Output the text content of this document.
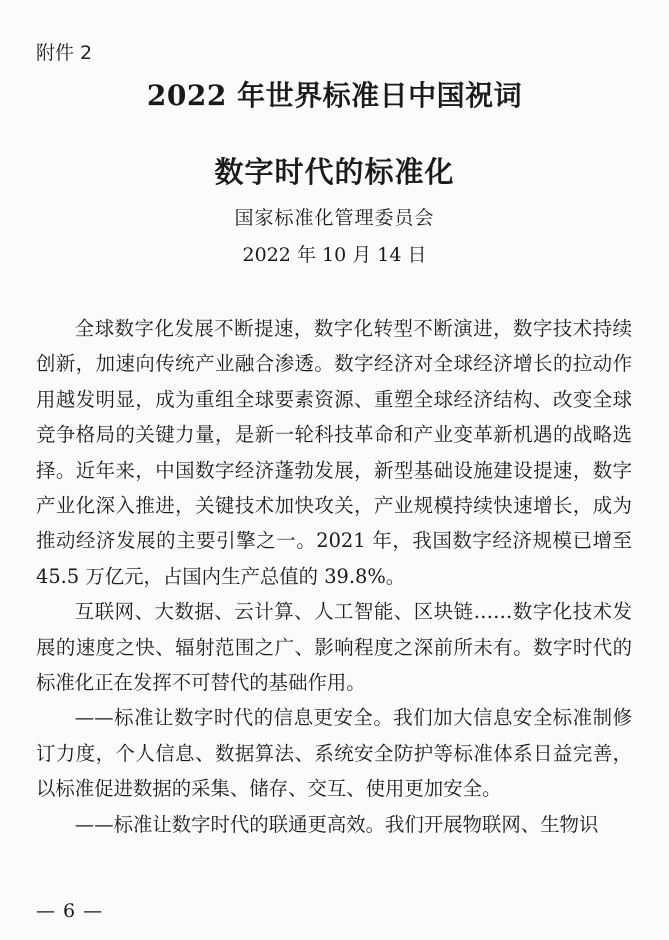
附件 2
2022 年世界标准日中国祝词
数字时代的标准化
国家标准化管理委员会
2022 年 10 月 14 日

全球数字化发展不断提速，数字化转型不断演进，数字技术持续创新，加速向传统产业融合渗透。数字经济对全球经济增长的拉动作用越发明显，成为重组全球要素资源、重塑全球经济结构、改变全球竞争格局的关键力量，是新一轮科技革命和产业变革新机遇的战略选择。近年来，中国数字经济蓬勃发展，新型基础设施建设提速，数字产业化深入推进，关键技术加快攻关，产业规模持续快速增长，成为推动经济发展的主要引擎之一。2021 年，我国数字经济规模已增至 45.5 万亿元，占国内生产总值的 39.8%。

互联网、大数据、云计算、人工智能、区块链……数字化技术发展的速度之快、辐射范围之广、影响程度之深前所未有。数字时代的标准化正在发挥不可替代的基础作用。

——标准让数字时代的信息更安全。我们加大信息安全标准制修订力度，个人信息、数据算法、系统安全防护等标准体系日益完善，以标准促进数据的采集、储存、交互、使用更加安全。

——标准让数字时代的联通更高效。我们开展物联网、生物识

— 6 —
